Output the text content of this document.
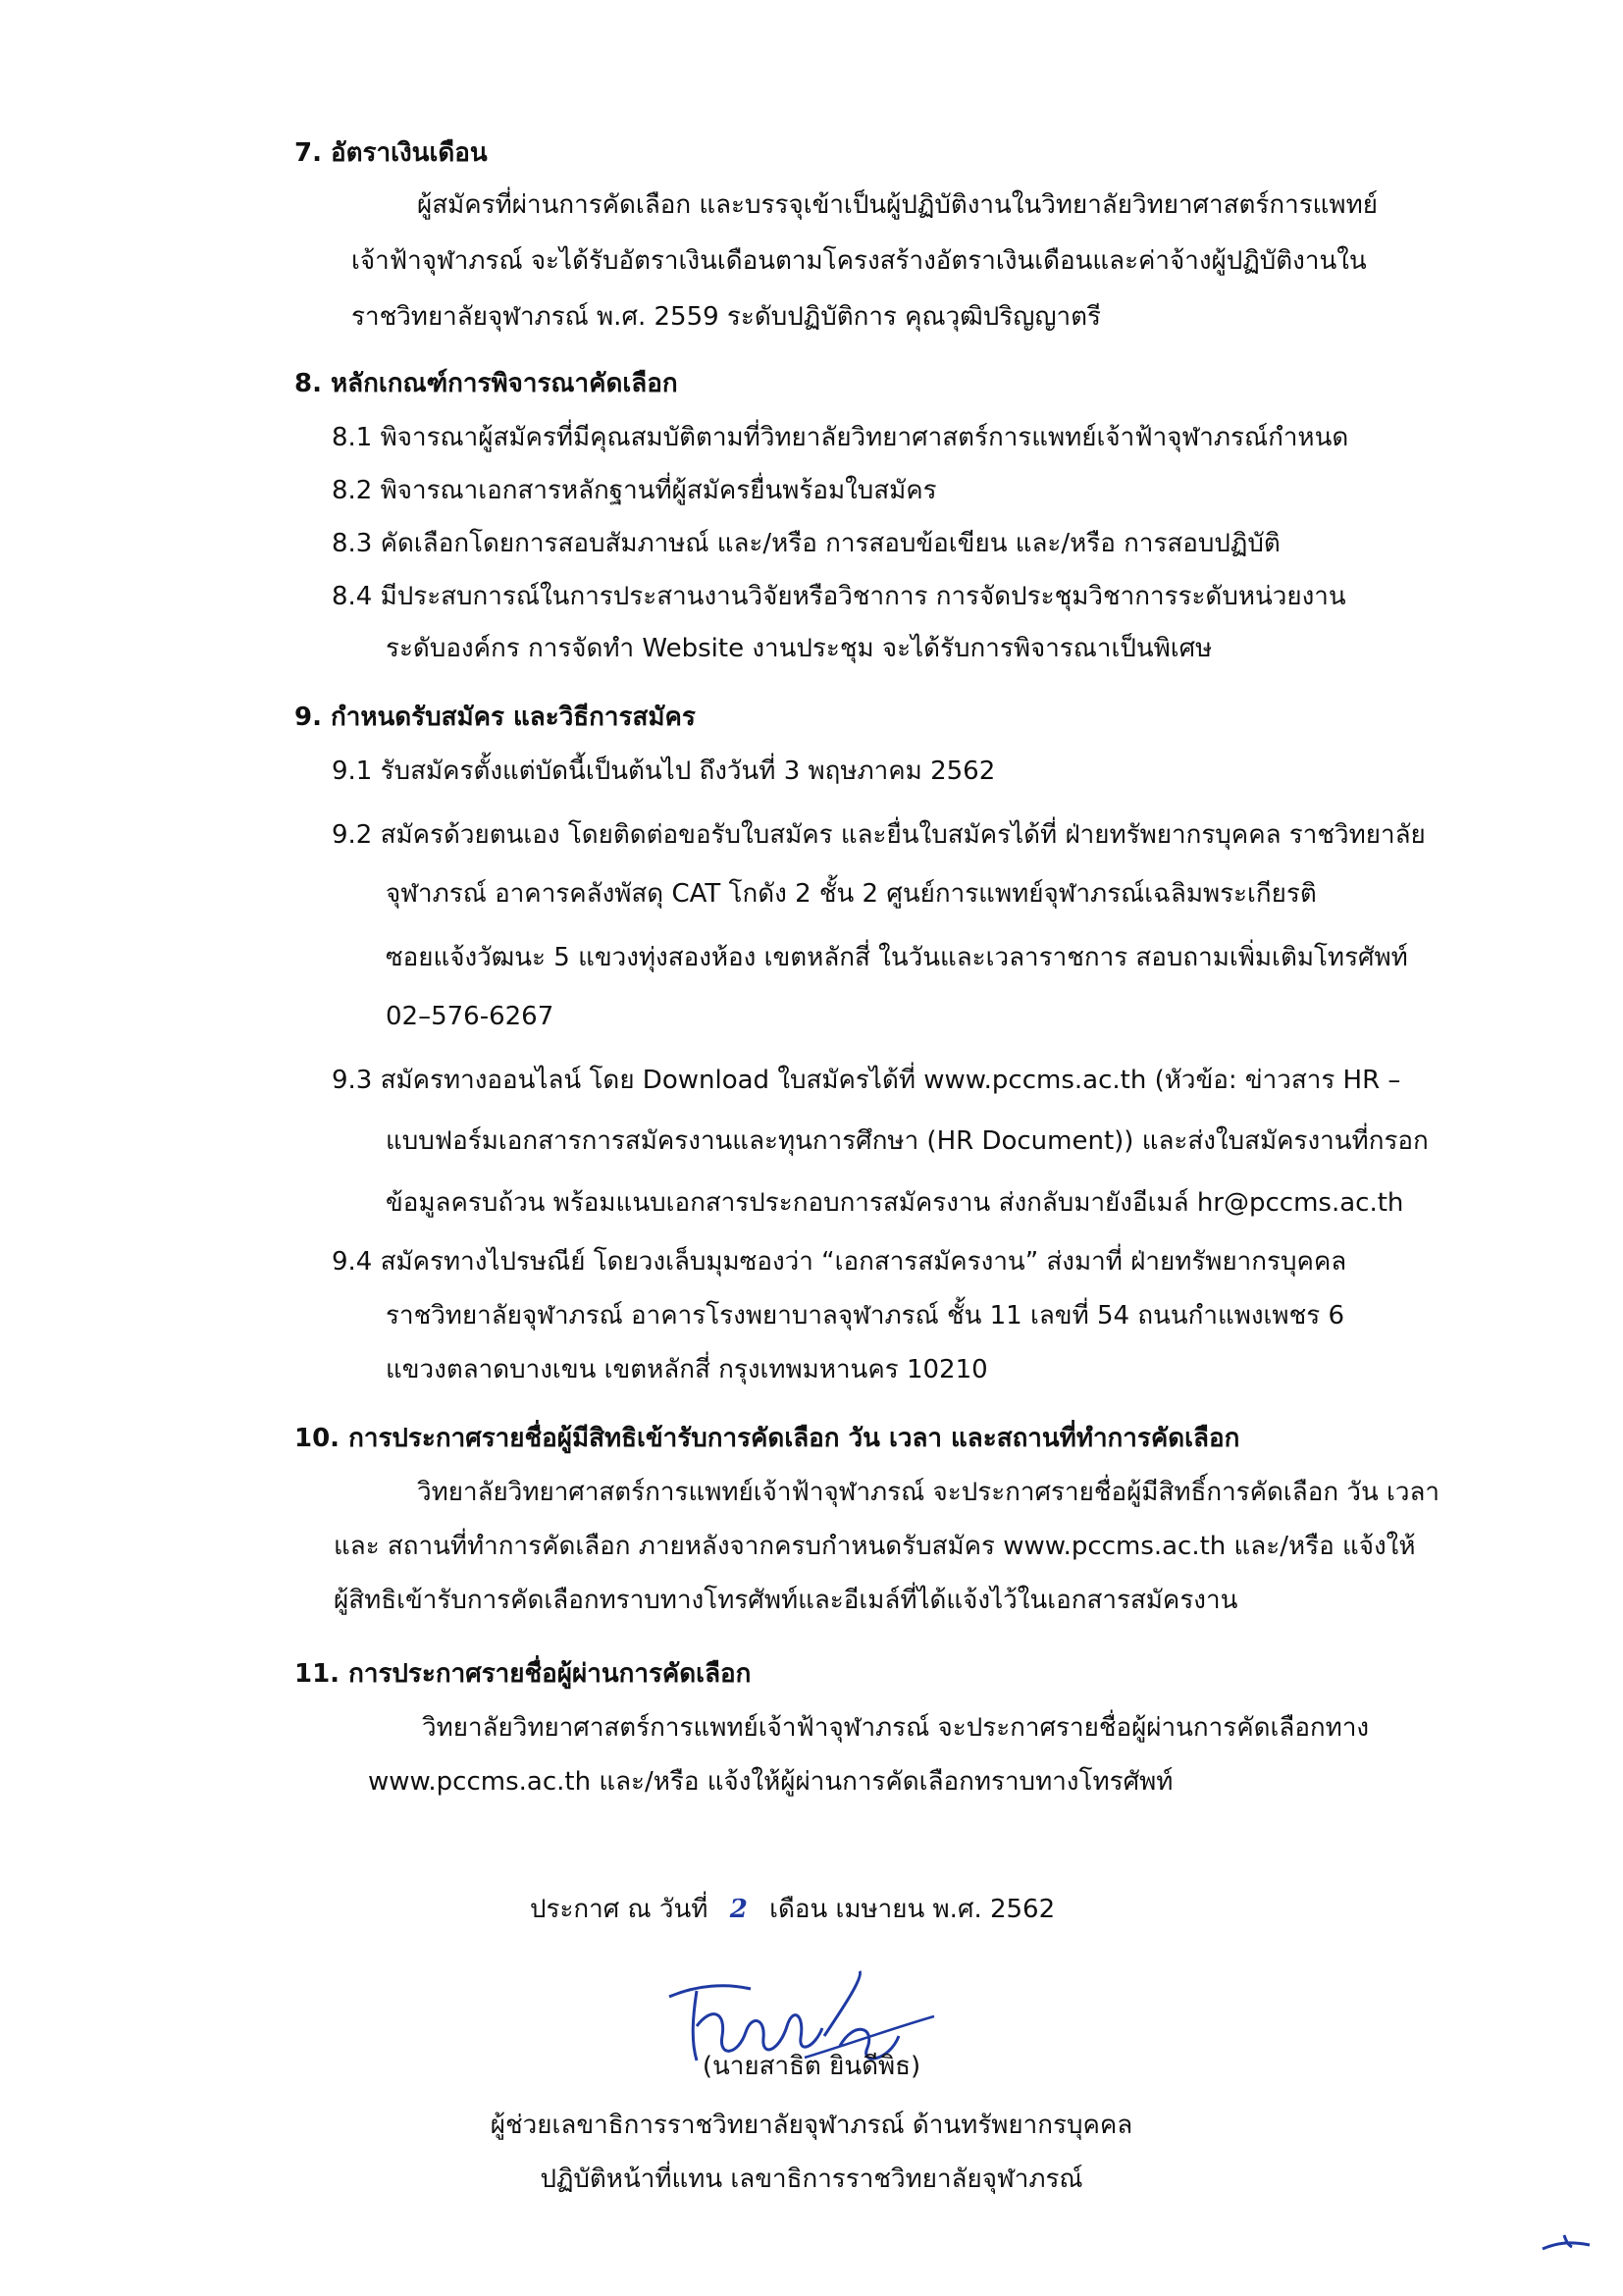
7. อัตราเงินเดือน
ผู้สมัครที่ผ่านการคัดเลือก และบรรจุเข้าเป็นผู้ปฏิบัติงานในวิทยาลัยวิทยาศาสตร์การแพทย์
เจ้าฟ้าจุฬาภรณ์ จะได้รับอัตราเงินเดือนตามโครงสร้างอัตราเงินเดือนและค่าจ้างผู้ปฏิบัติงานใน
ราชวิทยาลัยจุฬาภรณ์ พ.ศ. 2559 ระดับปฏิบัติการ คุณวุฒิปริญญาตรี
8. หลักเกณฑ์การพิจารณาคัดเลือก
8.1 พิจารณาผู้สมัครที่มีคุณสมบัติตามที่วิทยาลัยวิทยาศาสตร์การแพทย์เจ้าฟ้าจุฬาภรณ์กำหนด
8.2 พิจารณาเอกสารหลักฐานที่ผู้สมัครยื่นพร้อมใบสมัคร
8.3 คัดเลือกโดยการสอบสัมภาษณ์ และ/หรือ การสอบข้อเขียน และ/หรือ การสอบปฏิบัติ
8.4 มีประสบการณ์ในการประสานงานวิจัยหรือวิชาการ การจัดประชุมวิชาการระดับหน่วยงาน
ระดับองค์กร การจัดทำ Website งานประชุม จะได้รับการพิจารณาเป็นพิเศษ
9. กำหนดรับสมัคร และวิธีการสมัคร
9.1 รับสมัครตั้งแต่บัดนี้เป็นต้นไป ถึงวันที่ 3 พฤษภาคม 2562
9.2 สมัครด้วยตนเอง โดยติดต่อขอรับใบสมัคร และยื่นใบสมัครได้ที่ ฝ่ายทรัพยากรบุคคล ราชวิทยาลัย
จุฬาภรณ์ อาคารคลังพัสดุ CAT โกดัง 2 ชั้น 2 ศูนย์การแพทย์จุฬาภรณ์เฉลิมพระเกียรติ
ซอยแจ้งวัฒนะ 5 แขวงทุ่งสองห้อง เขตหลักสี่ ในวันและเวลาราชการ สอบถามเพิ่มเติมโทรศัพท์
02–576-6267
9.3 สมัครทางออนไลน์ โดย Download ใบสมัครได้ที่ www.pccms.ac.th (หัวข้อ: ข่าวสาร HR –
แบบฟอร์มเอกสารการสมัครงานและทุนการศึกษา (HR Document)) และส่งใบสมัครงานที่กรอก
ข้อมูลครบถ้วน พร้อมแนบเอกสารประกอบการสมัครงาน ส่งกลับมายังอีเมล์ hr@pccms.ac.th
9.4 สมัครทางไปรษณีย์ โดยวงเล็บมุมซองว่า “เอกสารสมัครงาน” ส่งมาที่ ฝ่ายทรัพยากรบุคคล
ราชวิทยาลัยจุฬาภรณ์ อาคารโรงพยาบาลจุฬาภรณ์ ชั้น 11 เลขที่ 54 ถนนกำแพงเพชร 6
แขวงตลาดบางเขน เขตหลักสี่ กรุงเทพมหานคร 10210
10. การประกาศรายชื่อผู้มีสิทธิเข้ารับการคัดเลือก วัน เวลา และสถานที่ทำการคัดเลือก
วิทยาลัยวิทยาศาสตร์การแพทย์เจ้าฟ้าจุฬาภรณ์ จะประกาศรายชื่อผู้มีสิทธิ์การคัดเลือก วัน เวลา
และ สถานที่ทำการคัดเลือก ภายหลังจากครบกำหนดรับสมัคร www.pccms.ac.th และ/หรือ แจ้งให้
ผู้สิทธิเข้ารับการคัดเลือกทราบทางโทรศัพท์และอีเมล์ที่ได้แจ้งไว้ในเอกสารสมัครงาน
11. การประกาศรายชื่อผู้ผ่านการคัดเลือก
วิทยาลัยวิทยาศาสตร์การแพทย์เจ้าฟ้าจุฬาภรณ์ จะประกาศรายชื่อผู้ผ่านการคัดเลือกทาง
www.pccms.ac.th และ/หรือ แจ้งให้ผู้ผ่านการคัดเลือกทราบทางโทรศัพท์
ประกาศ ณ วันที่ 2 เดือน เมษายน พ.ศ. 2562
(นายสาธิต ยินดีพิธ)
ผู้ช่วยเลขาธิการราชวิทยาลัยจุฬาภรณ์ ด้านทรัพยากรบุคคล
ปฏิบัติหน้าที่แทน เลขาธิการราชวิทยาลัยจุฬาภรณ์
